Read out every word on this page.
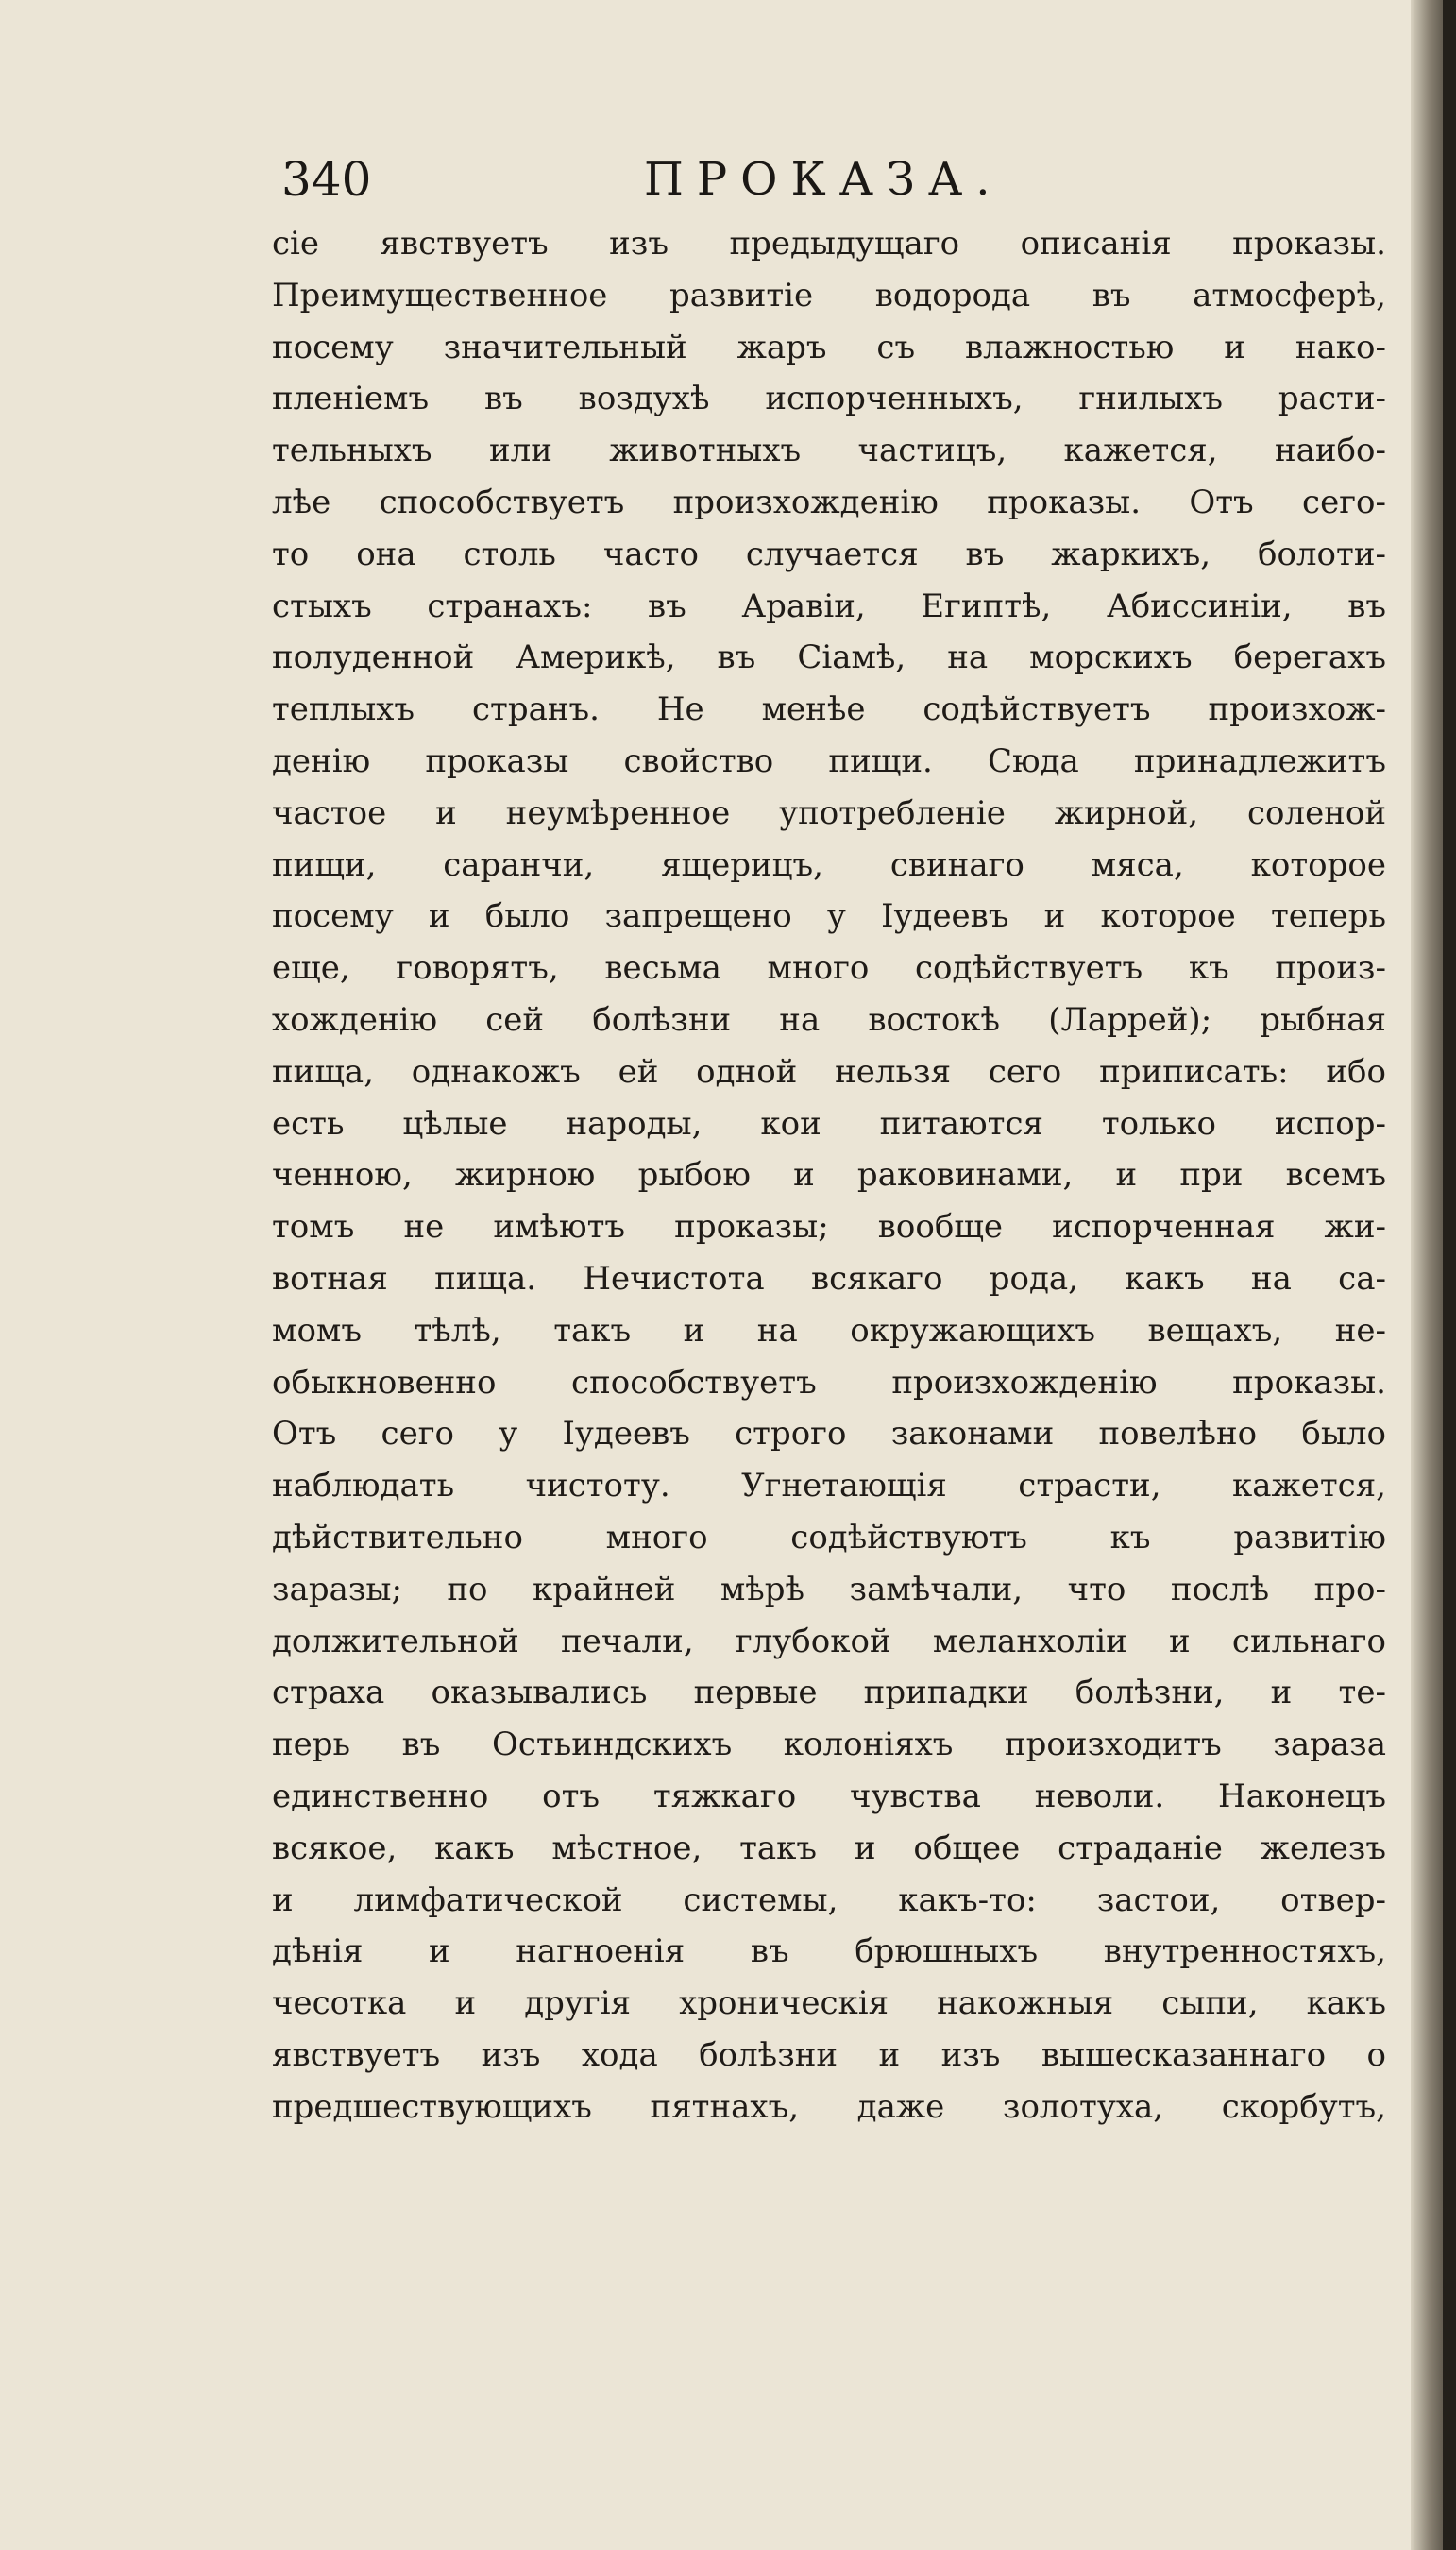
340	ПРОКАЗА.
сіе явствуетъ изъ предыдущаго описанія проказы.
Преимущественное развитіе водорода въ атмосферѣ,
посему значительный жаръ съ влажностью и нако-
пленіемъ въ воздухѣ испорченныхъ, гнилыхъ расти-
тельныхъ или животныхъ частицъ, кажется, наибо-
лѣе способствуетъ произхожденію проказы. Отъ сего-
то она столь часто случается въ жаркихъ, болоти-
стыхъ странахъ: въ Аравіи, Египтѣ, Абиссиніи, въ
полуденной Америкѣ, въ Сіамѣ, на морскихъ берегахъ
теплыхъ странъ. Не менѣе содѣйствуетъ произхож-
денію проказы свойство пищи. Сюда принадлежитъ
частое и неумѣренное употребленіе жирной, соленой
пищи, саранчи, ящерицъ, свинаго мяса, которое
посему и было запрещено у Іудеевъ и которое теперь
еще, говорятъ, весьма много содѣйствуетъ къ произ-
хожденію сей болѣзни на востокѣ (Ларрей); рыбная
пища, однакожъ ей одной нельзя сего приписать: ибо
есть цѣлые народы, кои питаются только испор-
ченною, жирною рыбою и раковинами, и при всемъ
томъ не имѣютъ проказы; вообще испорченная жи-
вотная пища. Нечистота всякаго рода, какъ на са-
момъ тѣлѣ, такъ и на окружающихъ вещахъ, не-
обыкновенно способствуетъ произхожденію проказы.
Отъ сего у Іудеевъ строго законами повелѣно было
наблюдать чистоту. Угнетающія страсти, кажется,
дѣйствительно много содѣйствуютъ къ развитію
заразы; по крайней мѣрѣ замѣчали, что послѣ про-
должительной печали, глубокой меланхоліи и сильнаго
страха оказывались первые припадки болѣзни, и те-
перь въ Остьиндскихъ колоніяхъ произходитъ зараза
единственно отъ тяжкаго чувства неволи. Наконецъ
всякое, какъ мѣстное, такъ и общее страданіе железъ
и лимфатической системы, какъ-то: застои, отвер-
дѣнія и нагноенія въ брюшныхъ внутренностяхъ,
чесотка и другія хроническія накожныя сыпи, какъ
явствуетъ изъ хода болѣзни и изъ вышесказаннаго о
предшествующихъ пятнахъ, даже золотуха, скорбутъ,
